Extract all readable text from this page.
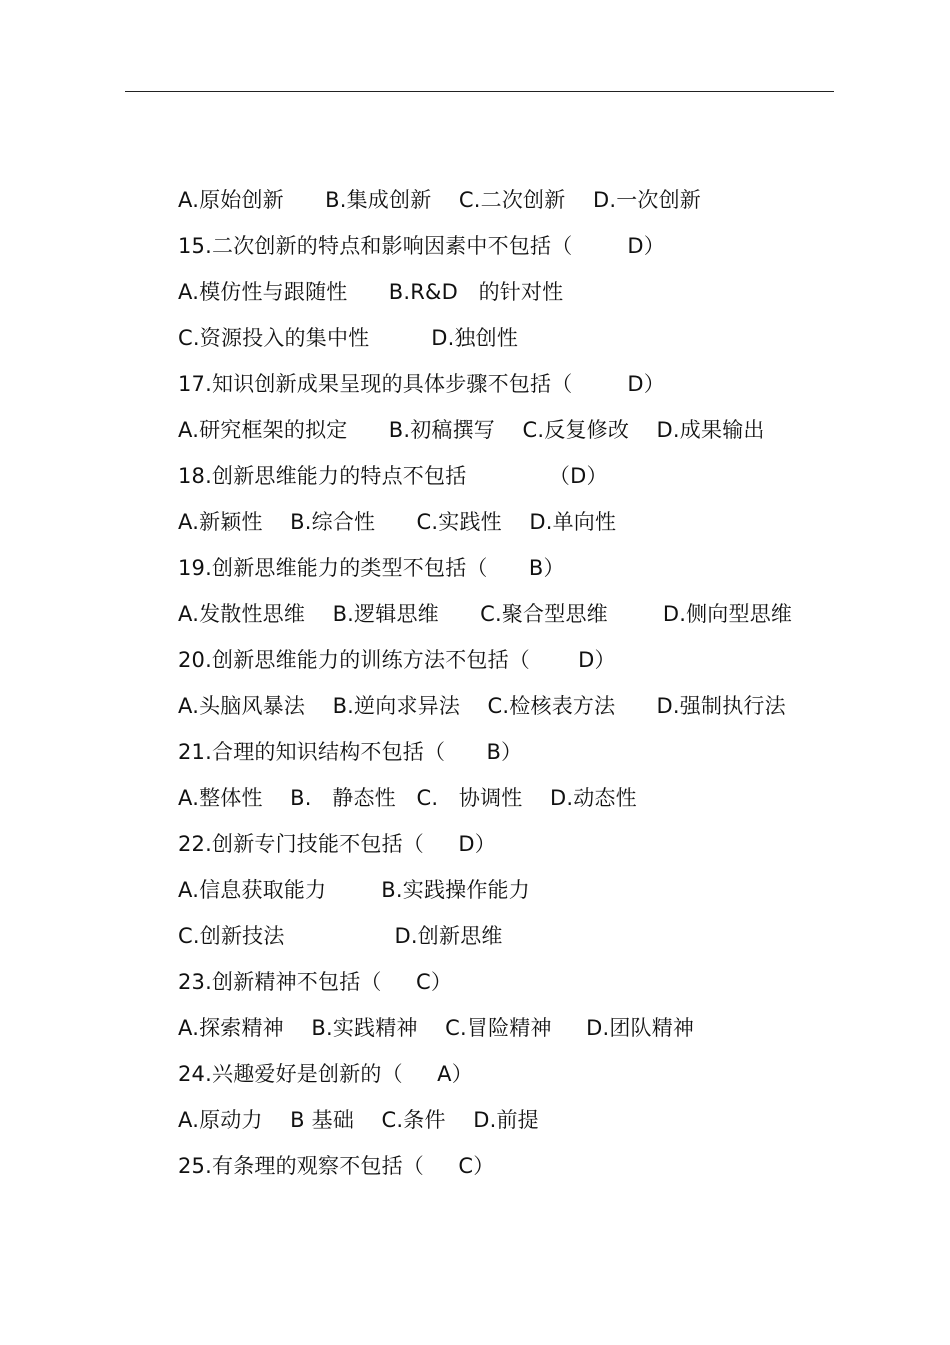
A.原始创新      B.集成创新    C.二次创新    D.一次创新
15.二次创新的特点和影响因素中不包括（        D）
A.模仿性与跟随性      B.R&D   的针对性
C.资源投入的集中性         D.独创性
17.知识创新成果呈现的具体步骤不包括（        D）
A.研究框架的拟定      B.初稿撰写    C.反复修改    D.成果输出
18.创新思维能力的特点不包括            （D）
A.新颖性    B.综合性      C.实践性    D.单向性
19.创新思维能力的类型不包括（      B）
A.发散性思维    B.逻辑思维      C.聚合型思维        D.侧向型思维
20.创新思维能力的训练方法不包括（       D）
A.头脑风暴法    B.逆向求异法    C.检核表方法      D.强制执行法
21.合理的知识结构不包括（      B）
A.整体性    B.   静态性   C.   协调性    D.动态性
22.创新专门技能不包括（     D）
A.信息获取能力        B.实践操作能力
C.创新技法                D.创新思维
23.创新精神不包括（     C）
A.探索精神    B.实践精神    C.冒险精神     D.团队精神
24.兴趣爱好是创新的（     A）
A.原动力    B 基础    C.条件    D.前提
25.有条理的观察不包括（     C）
